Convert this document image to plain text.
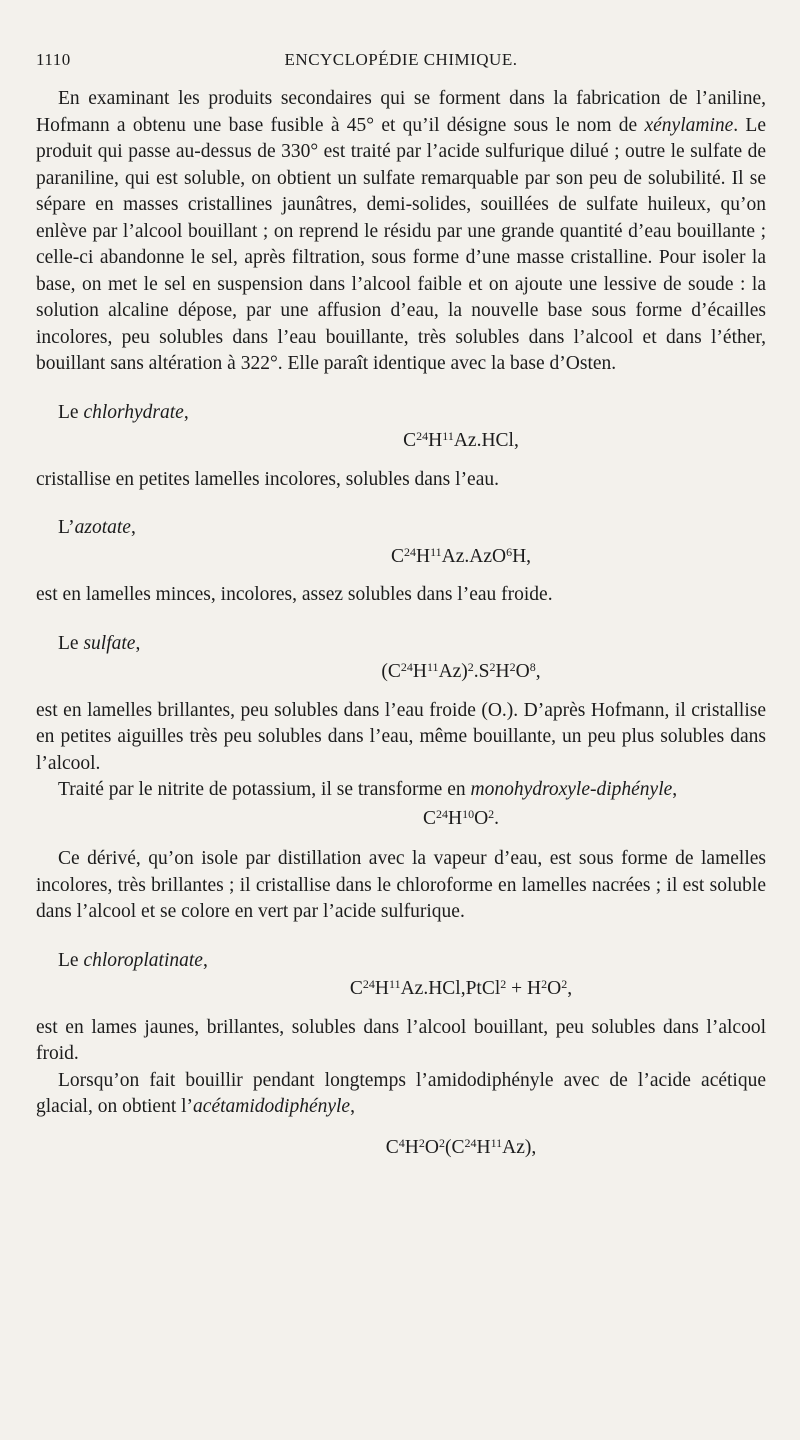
1110	ENCYCLOPÉDIE CHIMIQUE.

En examinant les produits secondaires qui se forment dans la fabrication de l’aniline, Hofmann a obtenu une base fusible à 45° et qu’il désigne sous le nom de xénylamine. Le produit qui passe au-dessus de 330° est traité par l’acide sulfurique dilué ; outre le sulfate de paraniline, qui est soluble, on obtient un sulfate remarquable par son peu de solubilité. Il se sépare en masses cristallines jaunâtres, demi-solides, souillées de sulfate huileux, qu’on enlève par l’alcool bouillant ; on reprend le résidu par une grande quantité d’eau bouillante ; celle-ci abandonne le sel, après filtration, sous forme d’une masse cristalline. Pour isoler la base, on met le sel en suspension dans l’alcool faible et on ajoute une lessive de soude : la solution alcaline dépose, par une affusion d’eau, la nouvelle base sous forme d’écailles incolores, peu solubles dans l’eau bouillante, très solubles dans l’alcool et dans l’éther, bouillant sans altération à 322°. Elle paraît identique avec la base d’Osten.

Le chlorhydrate,

$C^{24}H^{11}Az.HCl$,

cristallise en petites lamelles incolores, solubles dans l’eau.

L’azotate,

$C^{24}H^{11}Az.AzO^6H$,

est en lamelles minces, incolores, assez solubles dans l’eau froide.

Le sulfate,

$(C^{24}H^{11}Az)^2.S^2H^2O^8$,

est en lamelles brillantes, peu solubles dans l’eau froide (O.). D’après Hofmann, il cristallise en petites aiguilles très peu solubles dans l’eau, même bouillante, un peu plus solubles dans l’alcool.

Traité par le nitrite de potassium, il se transforme en monohydroxyle-diphényle,

$C^{24}H^{10}O^2$.

Ce dérivé, qu’on isole par distillation avec la vapeur d’eau, est sous forme de lamelles incolores, très brillantes ; il cristallise dans le chloroforme en lamelles nacrées ; il est soluble dans l’alcool et se colore en vert par l’acide sulfurique.

Le chloroplatinate,

$C^{24}H^{11}Az.HCl,PtCl^2 + H^2O^2$,

est en lames jaunes, brillantes, solubles dans l’alcool bouillant, peu solubles dans l’alcool froid.

Lorsqu’on fait bouillir pendant longtemps l’amidodiphényle avec de l’acide acétique glacial, on obtient l’acétamidodiphényle,

$C^4H^2O^2(C^{24}H^{11}Az)$,
